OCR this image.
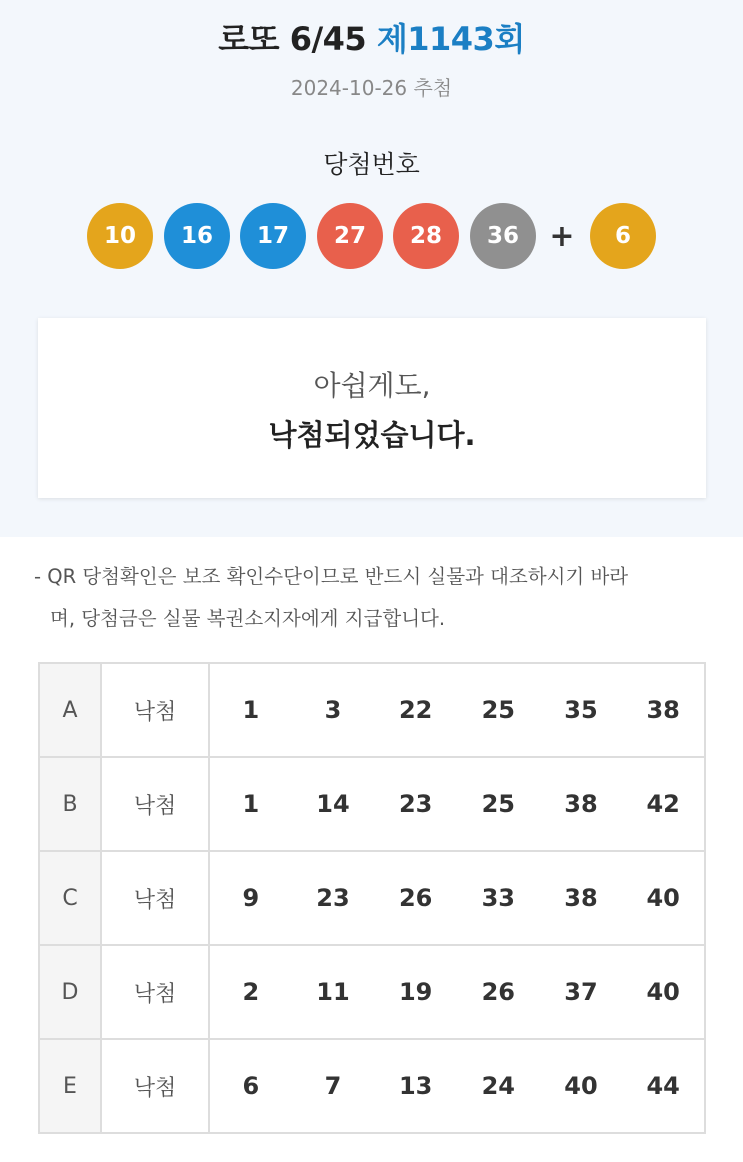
로또 6/45 제1143회
2024-10-26 추첨
당첨번호
10	16	17	27	28	36	+	6
아쉽게도,
낙첨되었습니다.
- QR 당첨확인은 보조 확인수단이므로 반드시 실물과 대조하시기 바라
며, 당첨금은 실물 복권소지자에게 지급합니다.
A	낙첨	1	3	22	25	35	38
B	낙첨	1	14	23	25	38	42
C	낙첨	9	23	26	33	38	40
D	낙첨	2	11	19	26	37	40
E	낙첨	6	7	13	24	40	44
